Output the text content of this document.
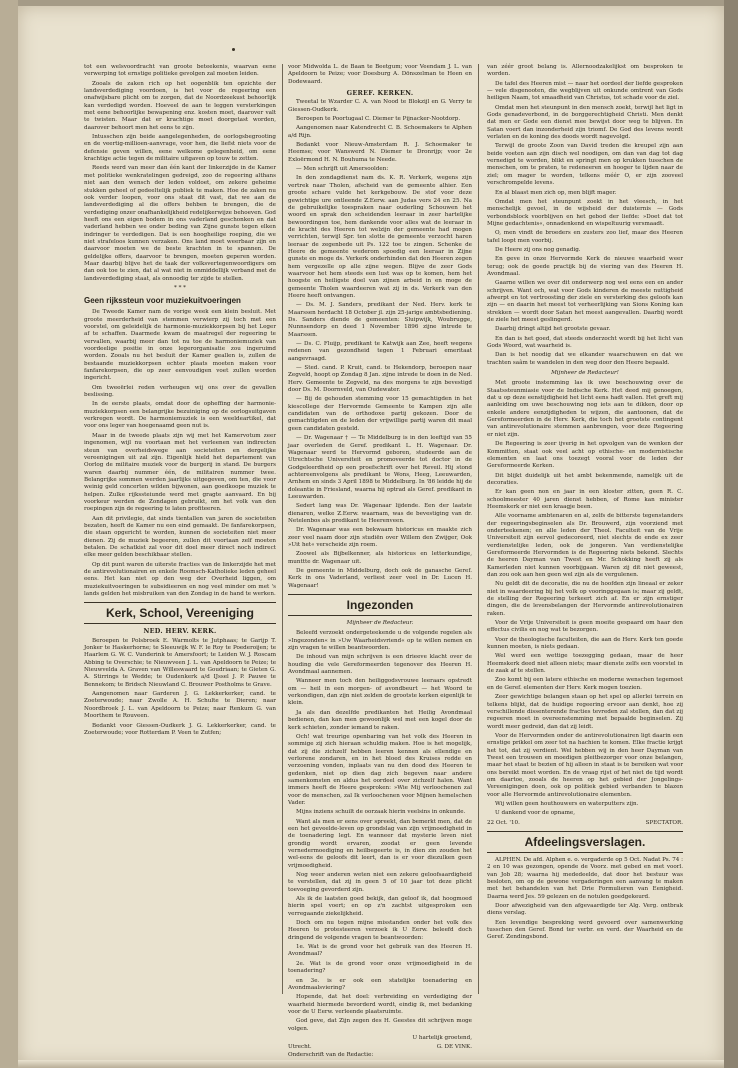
tot een welsvoordracht van groote beteekenis, waarvan eene verwerping tot ernstige politieke gevolgen zal moeten leiden.

Zooals de zaken rich op het oogenblik ten opzichte der landsverdediging voordoen, is het voor de regeering een onafwijsbare plicht om te zorgen, dat de Noordzeekust behoorlijk kan verdedigd worden. Hoeveel de aan te leggen versterkingen met eene behoorlijke bewapening enz. kosten moet, daarover valt te twisten. Maar dat er krachtige moet doorgetast worden, daarover behoort men het eens te zijn.

Intusschen zijn beide aangelegenheden, de oorlogsbegrooting en de veertig-millioen-aanvrage, voor hen, die liefst niets voor de defensie geven willen, eene welkome gelegenheid, om eene krachtige actie tegen de militaire uitgaven op touw te zetten.

Reeds werd van meer dan één kant der linkerzijde in de Kamer met politieke wenkratelingen gedreigd, zoo de regeering althans niet aan den wensch der leden voldoet, om zekere geheime stukken geheel of gedeeltelijk publiek te maken. Hoe de zaken nu ook verder loopen, voor ons staat dit vast, dat we aan de landsverdediging al die offers behben te brengen, die de verdediging onzer onafhankelijkheid redelijkerwijze behoeven. God heeft ons een eigen bodem in ons vaderland geschonken en dat vaderland hebben we onder beding van Zijne gunste tegen elken indringer te verdedigen. Dat is een hoogheilige roeping, die we niet strafeloos kunnen verzaken. Ons land moet weerbaar zijn en daarvoor moeten we de beste krachten in te spannen. De geldelijke offers, daarvoor te brengen, moeten geperen worden. Maar daarbij blijve het de taak der volksvertegenwoordigers om dan ook toe te zien, dat al wat niet in onmiddellijk verband met de landsverdediging staat, als onnoodig ter zijde te stellen.

* * *

Geen rijkssteun voor muziekuitvoeringen

De Tweede Kamer nam de vorige week een klein besluit. Met groote meerderheid van stemmen verwierp zij toch met een voorstel, om geleidelijk de harmonie-muziekkorpsen bij het Leger af te schaffen. Daarmede kwam de maatregel der regeering te vervallen, waarbij meer dan tot nu toe de harmoniemuziek van voordeelige positie in onze legerorganisatie zou ingeruimd worden. Zooals nu het besluit der Kamer geallen is, zullen de bestaande muziekkorpsen echter plaats moeten maken voor fanfarekorpsen, die op zeer eenvoudigen voet zullen worden ingericht.

Om tweeërlei reden verheugen wij ons over de gevallen beslissing.

In de eerste plaats, omdat door de opheffing der harmonie-muziekkorpsen een belangrijke bezuiniging op de oorlogsuitgaven verkregen wordt. De harmoniemuziek is een weeldeartikel, dat voor ons leger van hoegenaamd geen nut is.

Maar in de tweede plaats zijn wij met het Kamervotum zeer ingenomen, wijl nu voortaan met het verleenen van indirecten steun van overheidswege aan societeiten en dergelijke vereenigingen uit zal zijn. Eigenlijk hield het departement van Oorlog de militaire muziek voor de burgerij in stand. De burgers waren daarbij nummer één, de militairen nummer twee. Belangrijke sommen werden jaarlijks uitgegeven, om ten, die voor weinig geld concerten wilden bijwonen, aan goedkoope muziek te helpen. Zulke rijkssteiunde werd met gragte aanvaard. En bij voorkeur werden de Zondagen gebruikt, om het volk van den roepingen zijn de regeering te laten profiteeren.

Aan dit privilegie, dat sinds tientallen van jaren de societeiten bezaten, heeft de Kamer nu een eind gemaakt. De fanfarekorpsen, die staan opgericht te worden, kunnen de societeiten niet meer dienen. Zij de muziek begeeren, zullen dit voortaan zelf moeten betalen. De schatkist zal voor dit doel meer direct noch indirect elke meer gelden beschikbaar stellen.

Op dit punt waren de uiterste fracties van de linkerzijde het met de antirevolutionairen en enkele Roomsch-Katholieke leden geheel eens. Het kan niet op den weg der Overheid liggen, om muziekuitvoeringen te subsidieeren en nog veel minder om met 's lands gelden het misbruiken van den Zondag in de hand te werken.

Kerk, School, Vereeniging

NED. HERV. KERK.

Beroepen te Polsbroek E. Warmolts te Jutphaas; te Garijp T. Jonker te Haskerhorne; te Sleeuwijk W. F. le Roy te Poederoijen; te Haarlem G. W. C. Vunderink te Amersfoort; te Leiden W. J. Roscam Abbing te Overschie; te Nieuwveen J. L. van Apeldoorn te Peize; te Nieuwvelda A. Graven van Willeswaard te Goudriaan; te Gieten G. A. Stirrings te Wedde; te Oudenkerk a/d IJssel J. P. Pauwe te Bennekom; te Bridsch Nieuwland C. Brouwer Postholms te Grave.

Aangenomen naar Garderen J. G. Lekkerkerker, cand. te Zoeterwoude; naar Zwolle A. H. Schulte te Dieren; naar Noordbroek J. L. van Apeldoorn te Peize; naar Renkum G. van Moorthem te Rouveen.

Bedankt voor Giessen-Oudkerk J. G. Lekkerkerker, cand. te Zoeterwoude; voor Rotterdam P. Veen te Zutfen;

voor Midwolda L. de Baan te Beetgum; voor Veendam J. L. van Apeldoorn te Peize; voor Doesburg A. Dönszelman te Heen en Dodewaard.

GEREF. KERKEN.

Tweetal te Wzarder C. A. van Nood te Blokzijl en G. Verry te Giessen-Oudkerk.

Beroepen te Poortugaal C. Diemer te Pijnacker-Nootdorp.

Aangenomen naar Katendrecht C. B. Schoemakers te Alphen a/d Rijn.

Bedankt voor Nieuw-Amsterdam R. J. Schoemaker te Heemse; voor Wanswerd N. Diemer te Dronrijp; voor 2e Exloërmond H. N. Bouhuma te Neede.

— Men schrijft uit Amersoolden:

In den zondagdienst nam ds. K. R. Verkerk, wegens zijn vertrek naar Tholen, afscheid van de gemeente alhier. Een groote schare vulde het kerkgebouw. De stof voor deze gewichtige ure ontleende Z.Eerw. aan Judas vers 24 en 25. Na de gebruikelijke toespraken naar ouderling Schouwen het woord en sprak den scheidenden leeraar in zeer hartelijke bewoordingen toe, hem dankende voor alles wat de leeraar in de kracht des Heeren tot welzijn der gemeente had mogen verrichten, terwijl Spr. ten slotte de gemeente verzocht haren leeraar de zegenbede uit Ps. 122 toe te zingen. Schenke de Heere de gemeente wederom spoedig een leeraar in Zijne gunste en moge ds. Verkerk onderhinden dat den Heeren zegen hem vergezelle op alle zijne wegen. Blijve de zeer Gods waarvoor het hem steeds een lust was op te komen, hem het hoogste en heiligste doel van zijnen arbeid in en moge de gemeente Tholen waardeeren wat zij in ds. Verkerk van den Heere heeft ontvangen.

— Ds. M. J. Sanders, predikant der Ned. Herv. kerk te Maarssen herdacht 18 October jl. zijn 25-jarige ambtsbediening. Ds. Sanders diende de gemeenten: Sluipwijk, Woubrugge, Nunnsendorp en deed 1 November 1896 zijne intrede te Maarssen.

— Ds. C. Fluijp, predikant te Katwijk aan Zee, heeft wegens redenen van gezondheid tegen 1 Februari emeritaat aangevraagd.

— Sted. cand. P. Kruit, cand. te Hekendorp, beroepen naar Zegveld, hoopt op Zondag 8 Jan. zijne intrede te doen in de Ned. Herv. Gemeente te Zegveld, na des morgens te zijn bevestigd door Ds. M. Doornveld, van Oudewater.

— Bij de gehouden stemming voor 15 gemachtigden in het kiescollege der Hervormde Gemeente te Kampen zijn alle candidaten van de orthodoxe partij gekozen. Door de gemachtigden en de leden der vrijwillige partij waren dit maal geen candidaten gesteld.

— Dr. Wagenaar † — Te Middelburg is in den leeftijd van 55 jaar overleden de Geref. predikant L. H. Wagenaar. Dr. Wagenaar werd te Hervormd geboren, studeerde aan de Utrechtsche Universiteit en promoveerde tot doctor in de Godgeleerdheid op een proefschrift over het Reveil. Hij stond achtereenvolgens als predikant te Wons, Heeg, Leeuwarden, Arnhem en sinds 3 April 1898 te Middelburg. In '86 leidde hij de doleantie in Friesland, waarna hij optrad als Geref. predikant in Leeuwarden.

Sedert lang was Dr. Wagenaar lijdende. Een der laatste dienaren, welke Z.Eerw. waarnam, was de bevestiging van dr. Netelenbos als predikant te Heerenveen.

Dr. Wagenaar was een bekwaam historicus en maakte zich zeer veel naam door zijn studiën over Willem den Zwijger, Ook »Uit het« verscheide zijn roem.

Zoowel als Bijbelkenner, als historicus en letterkundige, munttte dr. Wagenaar uit.

De gemeente in Middelburg, doch ook de ganasche Geref. Kerk in ons Vaderland, verliest zeer veel in Dr. Lucen H. Wagenaar!

Ingezonden

Mijnheer de Redacteur.

Beleefd verzoekt ondergeteekende u de volgende regelen als »Ingezonden« in »Uw Waarheidsvriend« op te willen nemen en zijn vragen te willen beantwoorden.

De inhoud van mijn schrijven is een drieeve klacht over de houding die vele Gereformeerden tegenover des Heeren H. Avondmaal aannemen.

Wanneer men toch den heiliggodsvrouwe leeraars opstredt om — heil in een morgen- of avondbeurt — het Woord te verkondigen, dan zijn niet zelden de grootste kerken eigenlijk te klein.

Ja als dan dezelfde predikanten het Heilig Avondmaal bedienen, dan kan men gewoonlijk wel met een kogel door de kerk schieten, zonder iemand te raken.

Och! wat treurige openbaring van het volk des Heeren in sommige zij zich hieraan schuldig maken. Hoe is het mogelijk, dat zij die zichzelf hebben leeren kennen als ellendige en verlorene zondaren, en in het bloed des Kruises redde en verzoening vonden, inplaats van nu den dood des Heeren te gedenken, niet op dien dag zich begeven naar andere samenkomsten en aldus het oordeel over zichzelf halen. Want immers heeft de Heere gesproken: »Wie Mij verloochenen zal voor de menschen, zal Ik verloochenen voor Mijnen hemelschen Vader.

Mijns inziens schuilt de oorzaak hierin veelsins in onkunde.

Want als men er eens over spreekt, dan bemerkt men, dat de een het geveelde-leven op grondslag van zijn vrijmoedigheid in de toenadering legt. En wanneer dat mysterie leven niet grondig wordt ervaren, zoodat er geen levende vernedermoediging en heilbegeerte is, in dien zin zouden het wel-eens de geloofs dit leert, dan is er voor diezulken geen vrijmoedigheid.

Nog weer anderen weten niet een zekere geloofsaardigheid te verstellen, dat zij in geen 5 of 10 jaar tot deze plicht toevoeging gevorderd zijn.

Als ik de laatsten goed bekijk, dan geloof ik, dat hoogmoed hierin spel voert; en op z'n zachtst uitgesproken een verregaande ziekelijkheid.

Doch om nu tegen mijne misstanden onder het volk des Heeren te protesteeren verzoek ik U Eerw. beleefd doch dringend de volgende vragen te beantwoorden:

1e. Wat is de grond voor het gebruik van des Heeren H. Avondmaal?

2e. Wat is de grond voor onze vrijmoedigheid in de toenadering?

en 3e. is er ook een statelijke toenadering en Avondmaalsviering?

Hopende, dat het doel: verbreiding en verdediging der waarheid hiermede bevorderd wordt, eindig ik, met bedanking voor de U Eerw. verleende plaatsruimte.

God geve, dat Zijn zegen des H. Geestes dit schrijven moge volgen.

U hartelijk groetend,

Utrecht.	G. DE VINK.

Onderschrift van de Redactie:

van zéér groot belang is. Allernoodzakelijkst om besproken te worden.

De tafel des Heeren mist — naar het oordeel der liefde gesproken — vele disgenooten, die wegblijven uit onkunde omtrent van Gods heiligen Naam, tot smaadheid van Christus, tot schade voor de ziel.

Omdat men het steunpunt in den mensch zoekt, terwijl het ligt in Gods genadeverbond, in de borggerechtigheid Christi. Men denkt dat men er Gode een dienst mee bewijst door weg te blijven. En Satan voert dan inzonderheid zijn triomf. De God des levens wordt verlaten en de koning des doods wordt nagevolgd.

Terwijl de groote Zoon van David treden die kreupel zijn aan beide voeten aan zijn disch wel noodigen, om dan van dag tot dag vernedigd te worden, blikt en springt men op krukken tusschen de menschen, om te praten, te redeneeren en hooger te lijden naar de ziel; om mager te worden, telkens méér O, er zijn zooveel verschrompelde levens.

En al blaast men zich op, men blijft mager.

Omdat men het steunpunt zoekt in het vleesch, in het menschelijk gevoel, in de wijsheid der duisternis — Gods verbondsblock voorblijven en het gebod der liefde: »Doet dat tot Mijne gedachtenis«, onnadenkend en wispeltuurig versmaadt.

O, men vindt de broeders en zusters zoo lief, maar des Heeren tafel loopt men voorbij.

De Heere zij ons nog genadig.

En geve in onze Hervormde Kerk de nieuwe waarheid weer terug; ook de goede practijk bij de viering van des Heeren H. Avondmaal.

Gaarne willen we over dit onderwerp nog wel eens een en ander schrijven. Want och, wat voor Gods kinderen de meeste nuttigheid afwerpt en tot vertroosting der ziele en versterking des geloofs kan zijn — en daarin het meest tot verheerlijking van Sions Koning kan strekken — wordt door Satan het meest aangevallen. Daarbij wordt de ziele het meest geslingerd.

Daarbij dringt altijd het grootste gevaar.

En dan is het goed, dat steeds onderzocht wordt bij het licht van Gods Woord, wat waarheid is.

Dan is het noodig dat we elkander waarschuwen en dat we trachten saâm te wandelen in den weg door den Heere bepaald.

Mijnheer de Redacteur!

Met groote instemming las ik uwe beschouwing over de Staatssteunmiasie voor de Indische Kerk. Het deed mij genoegen, dat u op deze eenstijdigheid het licht eens hadt vallen. Het greft mij aanleiding om uwe beschouwing nog iets aan te dikken, door op enkele andere eenzijdigheden te wijzen, die aantoonen, dat de Gereformeerden in de Herv. Kerk, die toch het grootste contingent van antirevolutionaire stemmen aanbrengen, voor deze Regeering er niet zijn.

De Regeering is zeer ijverig in het opvolgen van de wenken der Kommitten, staat ook veel acht op ethische- en modernistische elementen en laat ons toezegt vooral voor de leden der Gereformeerde Kerken.

Dit blijkt duidelijk uit het ambt bekenmende, namelijk uit de decoraties.

Er kan geen non en jaar in een kloster zitten, geen R. C. schoolmeester 40 jaren dienst hebben, of Rome kan minister Heemskerk er niet een kraagje been.

Alle voorname ambtenaren en al, zelfs de bitterste tegenstanders der regeeringsbeginselen als Dr. Brouwerd, zijn voorziend met onderteekenen; en alle leden der Theol. Faculteit van de Vrije Universiteit zijn eervol gedecoreerd, niet slechts de ende ex zeer verdienstelijke leden, ook de jongeren. Van verdienstelijke Gereformeerde Hervormden is de Regeering niets bekend. Slechts de heeren Dayman van Twest en Mr. Schokking heeft zij als Kamerleden niet kunnen voorbijgaan. Waren zij dit niet geweest, dan zou ook aan hen geen wel zijn als de vergulenen.

Nu geldt dit de decoratie, die nu de hoofden zijn lineaal er zeker niet in waardeering bij het volk op vooringgegaan is; maar zij geldt, de stelling der Regeering terkeert zich af. En er zijn ernstiger dingen, die de levensbelangen der Hervormde antirevolutionairen raken.

Voor de Vrije Universiteit is geen moeite gespaard om haar den effectus civilis en nog wat te bezorgen.

Voor de theologische faculteiten, die aan de Herv. Kerk ten goede kunnen moeten, is niets gedaan.

Wel werd een wettige toezegging gedaan, maar de heer Heemskerk deed niet alleen niets; maar dienste zelfs een voorstel in de zaak af te stellen.

Zoo komt bij een latere ethische en moderne wenschen tegemoet en de Geref. elementen der Herv. Kerk mogen toezien.

Zeer gewichtige belangen staan op het spel op allerlei terrein en telkens blijkt, dat de huidige regeering ervoor aan denkt, hoe zij verschillende dissenterende fracties tevreden zal stellen, dan dat zij regeeren moet in overeenstemming met bepaalde beginselen. Zij wordt meer gedreid, dan dat zij leidt.

Voor de Hervormden onder de antirevolutionairen ligt daarin een ernstige prikkel om zeer tot na hachien te komen. Elke fractie krijgt het tot, dat zij verdient. Wel hebben wij in den heer Dayman van Twest een trouwen en moedigen pleitbezorger voor onze belangen, maar het staat te bezien of hij alleen in staat is te bereiken wat voor ons bereikt moet worden. En de vraag rijst of het niet de tijd wordt om daartoe, zooals de heeren op het gebied der Jongelings-Vereenigingen doen, ook op politiek gebied verbanden te blazen voor alle Hervormde antirevolutionaire elementen.

Wij willen geen houthouwers en waterputters zijn.

U dankend voor de opname,

22 Oct. '10.	SPECTATOR.

Afdeelingsverslagen.

ALPHEN. De afd. Alphen e. o. vergaderde op 5 Oct. Nadat Ps. 74 : 2 en 10 was gezongen, opende de Voorz. met gebed en met voorl. van Job 28; waarna hij mededeelde, dat door het bestuur was besloten, om op de gewone vergaderingen een aanvang te maken met het behandelen van het Drie Formulieren van Eenigheid. Daarna werd Jes. 59 gelezen en de notulen goedgekeurd.

Door afwezigheid van den afgevaardigde ter Alg. Verg. ontbrak diens verslag.

Een levendige bespreking werd gevoerd over samenwerking tusschen den Geref. Bond ter verbr. en verd. der Waarheid en de Geref. Zendingsbond.
